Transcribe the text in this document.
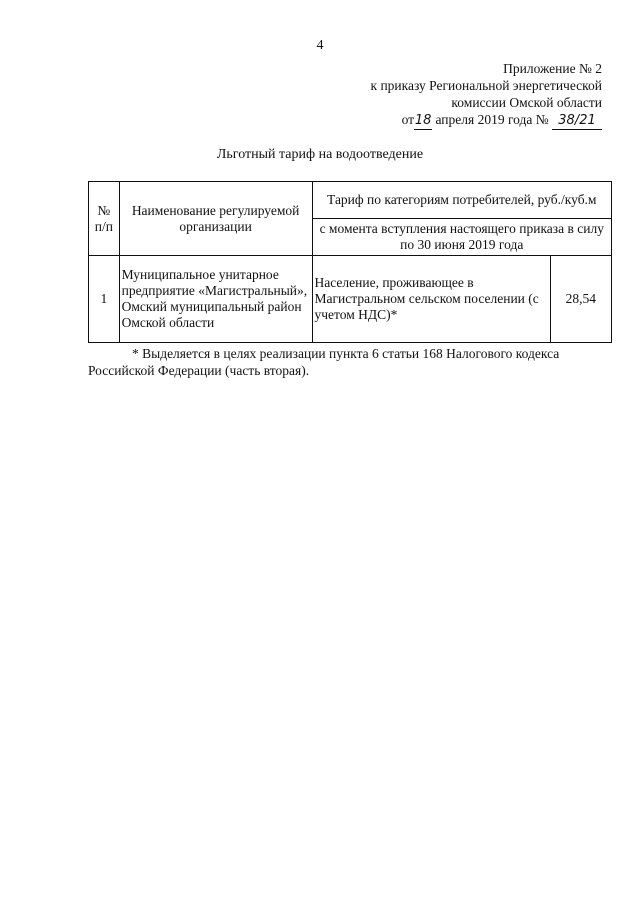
4
Приложение № 2
к приказу Региональной энергетической
комиссии Омской области
от18 апреля 2019 года № 38/21
Льготный тариф на водоотведение
№ п/п	Наименование регулируемой организации	Тариф по категориям потребителей, руб./куб.м	
		с момента вступления настоящего приказа в силу по 30 июня 2019 года	
1	Муниципальное унитарное предприятие «Магистральный», Омский муниципальный район Омской области	Население, проживающее в Магистральном сельском поселении (с учетом НДС)*	28,54
* Выделяется в целях реализации пункта 6 статьи 168 Налогового кодекса Российской Федерации (часть вторая).
